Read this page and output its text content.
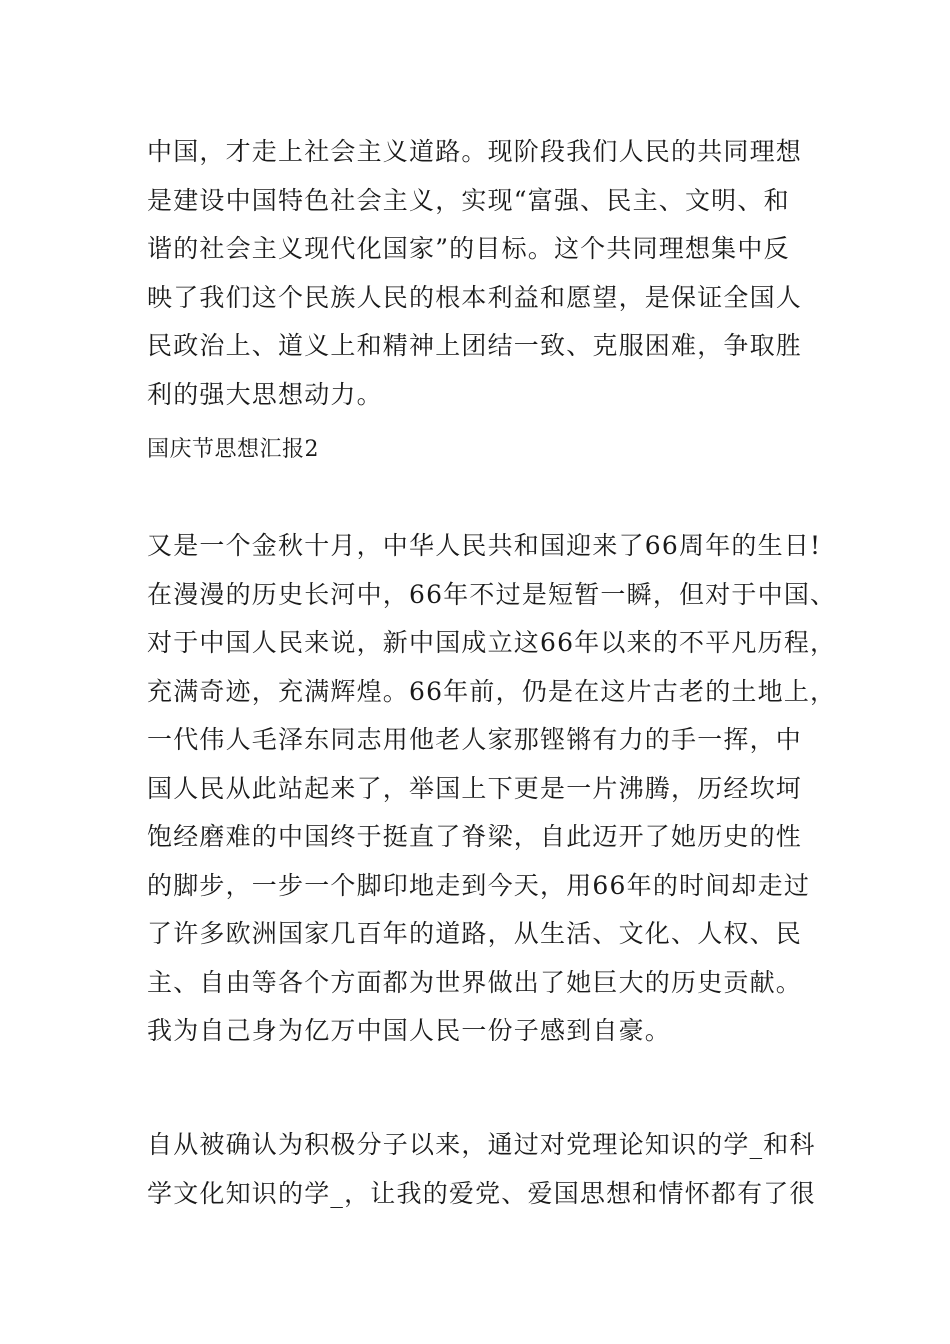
中国，才走上社会主义道路。现阶段我们人民的共同理想
是建设中国特色社会主义，实现“富强、民主、文明、和
谐的社会主义现代化国家”的目标。这个共同理想集中反
映了我们这个民族人民的根本利益和愿望，是保证全国人
民政治上、道义上和精神上团结一致、克服困难，争取胜
利的强大思想动力。
国庆节思想汇报2
又是一个金秋十月，中华人民共和国迎来了66周年的生日!
在漫漫的历史长河中，66年不过是短暂一瞬，但对于中国、
对于中国人民来说，新中国成立这66年以来的不平凡历程，
充满奇迹，充满辉煌。66年前，仍是在这片古老的土地上，
一代伟人毛泽东同志用他老人家那铿锵有力的手一挥，中
国人民从此站起来了，举国上下更是一片沸腾，历经坎坷
饱经磨难的中国终于挺直了脊梁，自此迈开了她历史的性
的脚步，一步一个脚印地走到今天，用66年的时间却走过
了许多欧洲国家几百年的道路，从生活、文化、人权、民
主、自由等各个方面都为世界做出了她巨大的历史贡献。
我为自己身为亿万中国人民一份子感到自豪。
自从被确认为积极分子以来，通过对党理论知识的学_和科
学文化知识的学_，让我的爱党、爱国思想和情怀都有了很
